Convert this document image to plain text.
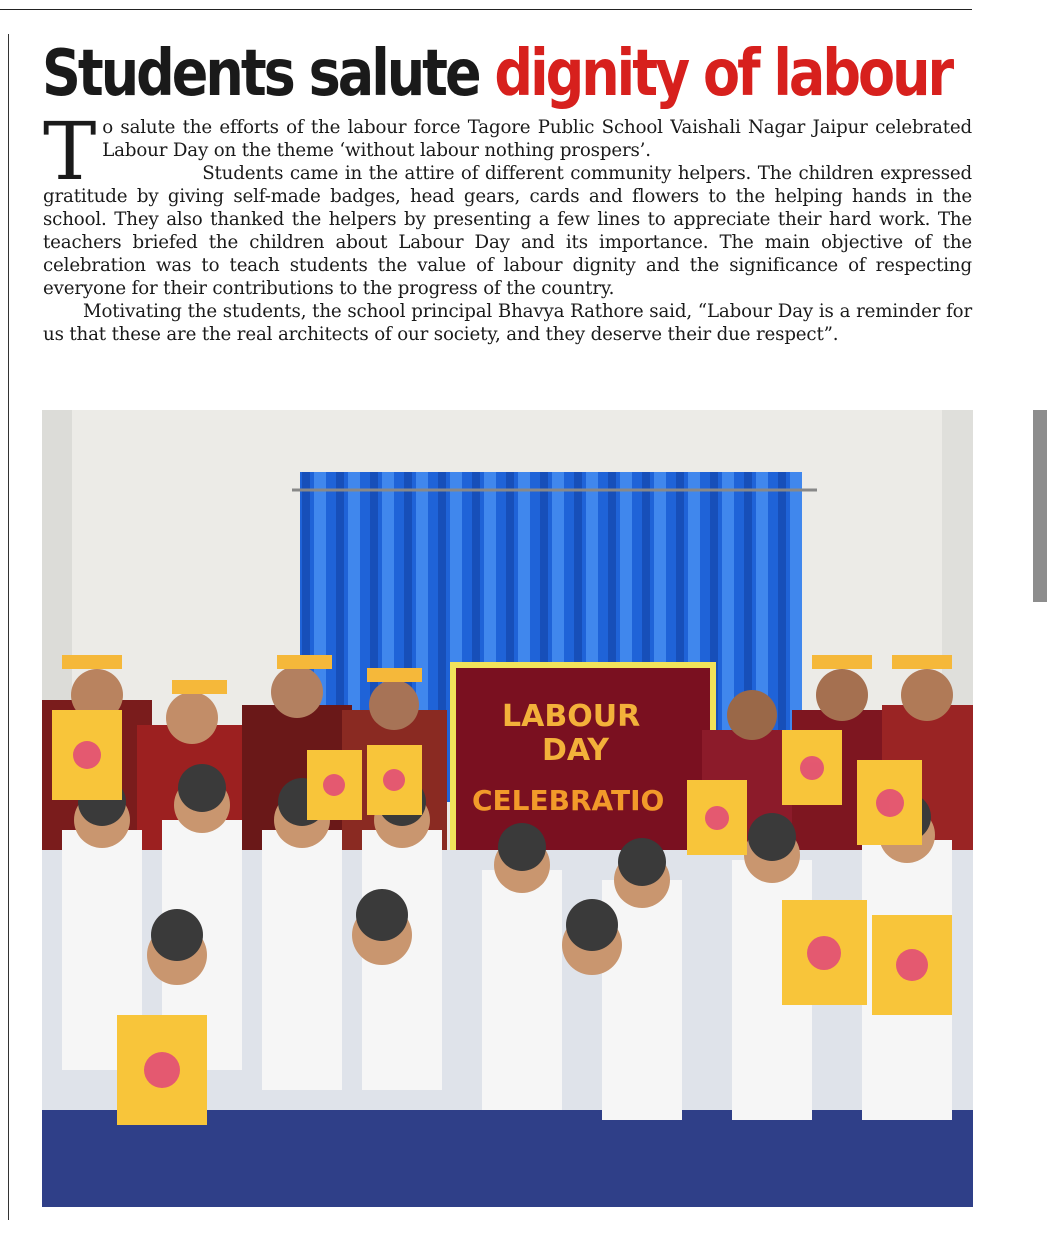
Students salute dignity of labour

To salute the efforts of the labour force Tagore Public School Vaishali Nagar Jaipur celebrated Labour Day on the theme ‘without labour nothing prospers’.

Students came in the attire of different community helpers. The children expressed gratitude by giving self-made badges, head gears, cards and flowers to the helping hands in the school. They also thanked the helpers by presenting a few lines to appreciate their hard work. The teachers briefed the children about Labour Day and its importance. The main objective of the celebration was to teach students the value of labour dignity and the significance of respecting everyone for their contributions to the progress of the country.

Motivating the students, the school principal Bhavya Rathore said, “Labour Day is a reminder for us that these are the real architects of our society, and they deserve their due respect”.

LABOUR
DAY
CELEBRATIO
